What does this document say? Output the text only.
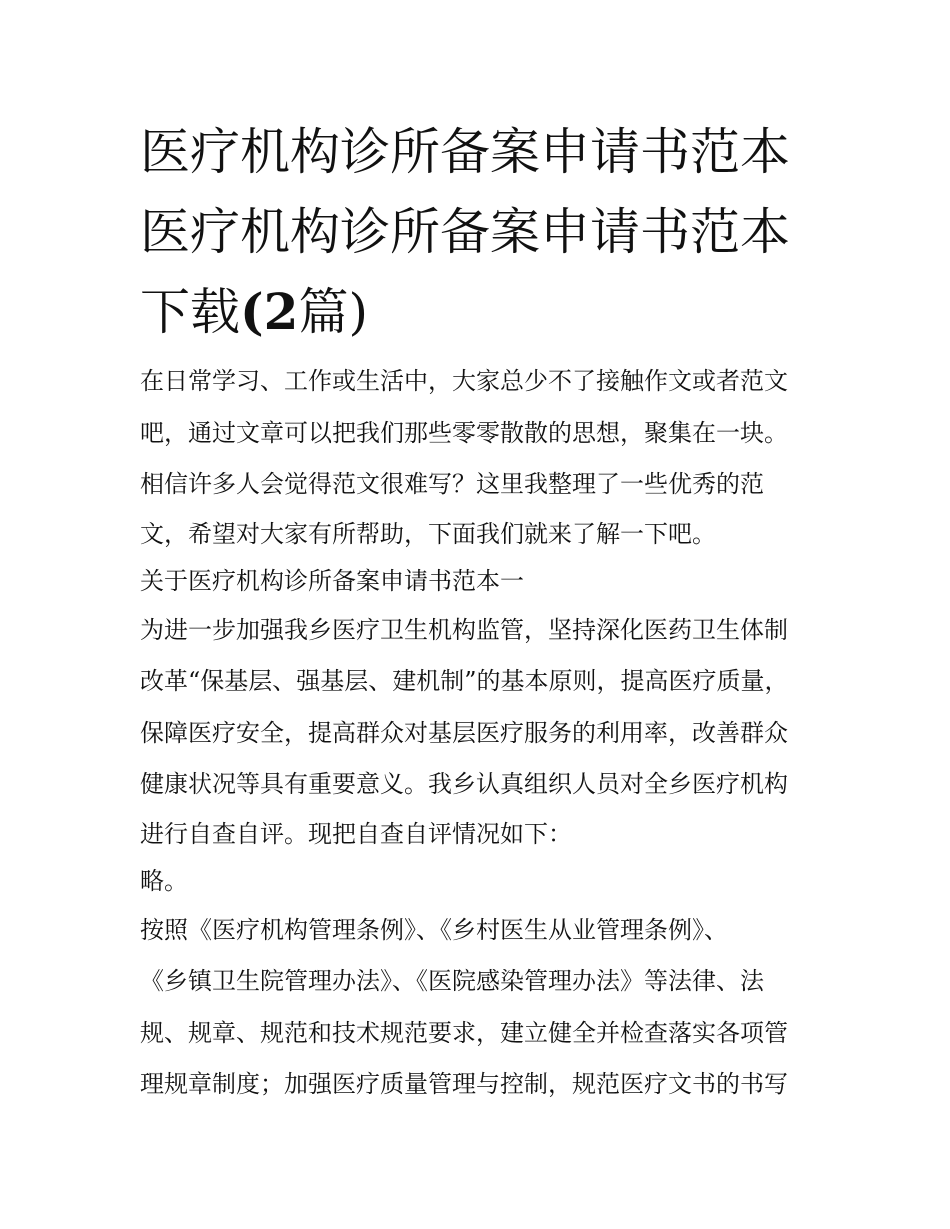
医疗机构诊所备案申请书范本
医疗机构诊所备案申请书范本
下载(2篇)
在日常学习、工作或生活中，大家总少不了接触作文或者范文
吧，通过文章可以把我们那些零零散散的思想，聚集在一块。
相信许多人会觉得范文很难写？这里我整理了一些优秀的范
文，希望对大家有所帮助，下面我们就来了解一下吧。
关于医疗机构诊所备案申请书范本一
为进一步加强我乡医疗卫生机构监管，坚持深化医药卫生体制
改革“保基层、强基层、建机制”的基本原则，提高医疗质量，
保障医疗安全，提高群众对基层医疗服务的利用率，改善群众
健康状况等具有重要意义。我乡认真组织人员对全乡医疗机构
进行自查自评。现把自查自评情况如下：
略。
按照《医疗机构管理条例》、《乡村医生从业管理条例》、
《乡镇卫生院管理办法》、《医院感染管理办法》等法律、法
规、规章、规范和技术规范要求，建立健全并检查落实各项管
理规章制度；加强医疗质量管理与控制，规范医疗文书的书写
